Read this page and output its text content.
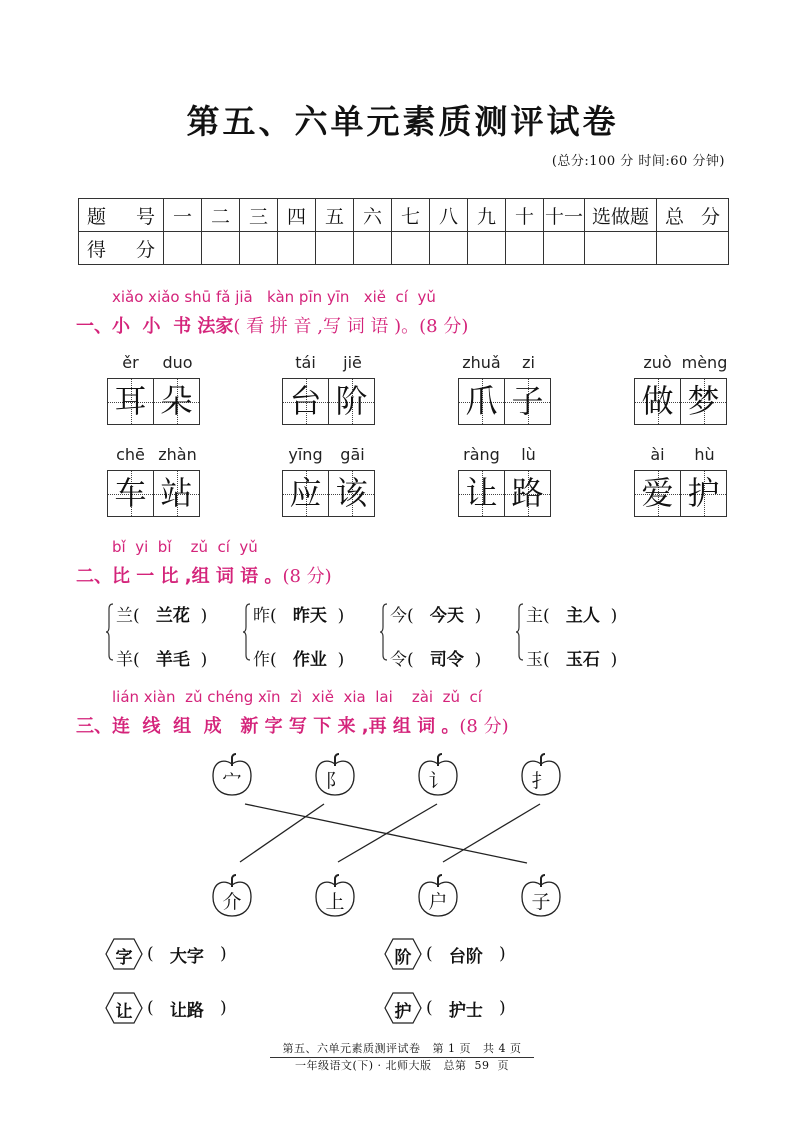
第五、六单元素质测评试卷
(总分:100 分 时间:60 分钟)
题 号	一	二	三	四	五	六	七	八	九	十	十一	选做题	总 分
得 分													
xiǎo xiǎo shū fǎ jiā   kàn pīn yīn   xiě  cí  yǔ
一、小  小  书 法家( 看 拼 音 ,写 词 语 )。(8 分)
ěr	duo
耳 朵
tái	jiē
台 阶
zhuǎ	zi
爪 子
zuò mèng
做 梦
chē zhàn
车 站
yīng	gāi
应 该
ràng	lù
让 路
ài	hù
爱 护
bǐ  yi  bǐ    zǔ  cí  yǔ
二、比 一 比 ,组 词 语 。(8 分)
兰(   兰花  )
羊(   羊毛  )
昨(   昨天  )
作(   作业  )
今(   今天  )
令(   司令  )
主(   主人  )
玉(   玉石  )
lián xiàn  zǔ chéng xīn  zì  xiě  xia  lai    zài  zǔ  cí
三、连  线  组  成   新 字 写 下 来 ,再 组 词 。(8 分)
宀	阝	讠	扌
介	上	户	子

字

( 大字 )

	阶

( 台阶 )

让

( 让路 )

	护

( 护士 )
第五、六单元素质测评试卷   第 1 页   共 4 页
一年级语文(下) · 北师大版   总第  59  页
